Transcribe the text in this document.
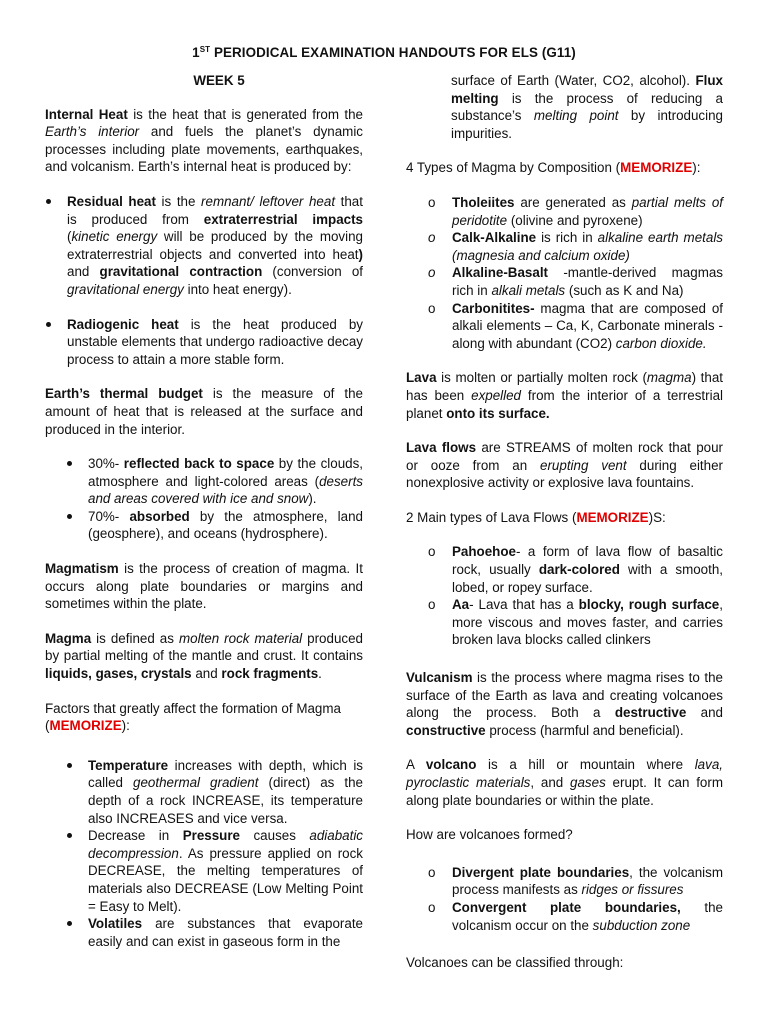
1ST PERIODICAL EXAMINATION HANDOUTS FOR ELS (G11)
WEEK 5

Internal Heat is the heat that is generated from the Earth’s interior and fuels the planet’s dynamic processes including plate movements, earthquakes, and volcanism. Earth’s internal heat is produced by:

Residual heat is the remnant/ leftover heat that is produced from extraterrestrial impacts (kinetic energy will be produced by the moving extraterrestrial objects and converted into heat) and gravitational contraction (conversion of gravitational energy into heat energy).
Radiogenic heat is the heat produced by unstable elements that undergo radioactive decay process to attain a more stable form.

Earth’s thermal budget is the measure of the amount of heat that is released at the surface and produced in the interior.

30%- reflected back to space by the clouds, atmosphere and light-colored areas (deserts and areas covered with ice and snow).
70%- absorbed by the atmosphere, land (geosphere), and oceans (hydrosphere).

Magmatism is the process of creation of magma. It occurs along plate boundaries or margins and sometimes within the plate.

Magma is defined as molten rock material produced by partial melting of the mantle and crust. It contains liquids, gases, crystals and rock fragments.

Factors that greatly affect the formation of Magma (MEMORIZE):

Temperature increases with depth, which is called geothermal gradient (direct) as the depth of a rock INCREASE, its temperature also INCREASES and vice versa.
Decrease in Pressure causes adiabatic decompression. As pressure applied on rock DECREASE, the melting temperatures of materials also DECREASE (Low Melting Point = Easy to Melt).
Volatiles are substances that evaporate easily and can exist in gaseous form in the

surface of Earth (Water, CO2, alcohol). Flux melting is the process of reducing a substance’s melting point by introducing impurities.

4 Types of Magma by Composition (MEMORIZE):

o Tholeiites are generated as partial melts of peridotite (olivine and pyroxene)
o Calk-Alkaline is rich in alkaline earth metals (magnesia and calcium oxide)
o Alkaline-Basalt -mantle-derived magmas rich in alkali metals (such as K and Na)
o Carbonitites- magma that are composed of alkali elements – Ca, K, Carbonate minerals - along with abundant (CO2) carbon dioxide.

Lava is molten or partially molten rock (magma) that has been expelled from the interior of a terrestrial planet onto its surface.

Lava flows are STREAMS of molten rock that pour or ooze from an erupting vent during either nonexplosive activity or explosive lava fountains.

2 Main types of Lava Flows (MEMORIZE)S:

o Pahoehoe- a form of lava flow of basaltic rock, usually dark-colored with a smooth, lobed, or ropey surface.
o Aa- Lava that has a blocky, rough surface, more viscous and moves faster, and carries broken lava blocks called clinkers

Vulcanism is the process where magma rises to the surface of the Earth as lava and creating volcanoes along the process. Both a destructive and constructive process (harmful and beneficial).

A volcano is a hill or mountain where lava, pyroclastic materials, and gases erupt. It can form along plate boundaries or within the plate.

How are volcanoes formed?

o Divergent plate boundaries, the volcanism process manifests as ridges or fissures
o Convergent plate boundaries, the volcanism occur on the subduction zone

Volcanoes can be classified through:
